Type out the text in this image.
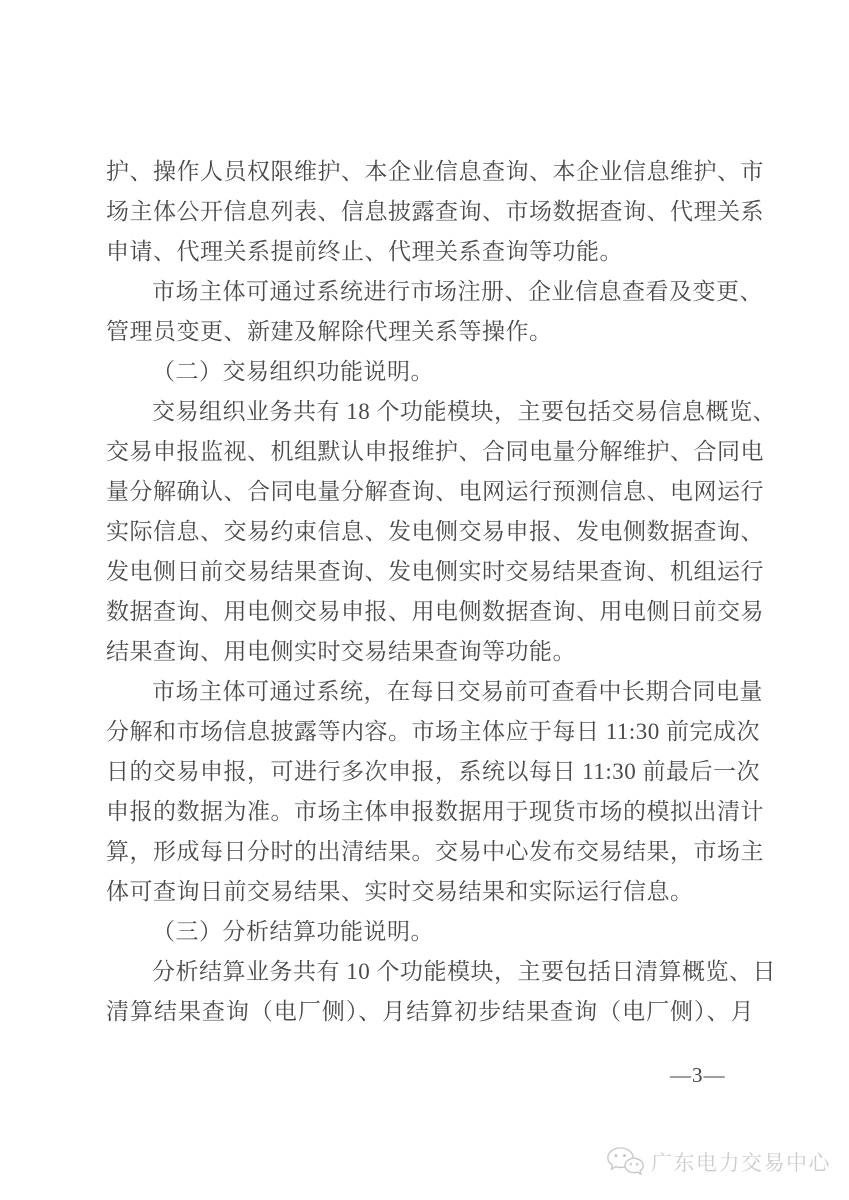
护、操作人员权限维护、本企业信息查询、本企业信息维护、市
场主体公开信息列表、信息披露查询、市场数据查询、代理关系
申请、代理关系提前终止、代理关系查询等功能。
市场主体可通过系统进行市场注册、企业信息查看及变更、
管理员变更、新建及解除代理关系等操作。
（二）交易组织功能说明。
交易组织业务共有 18 个功能模块，主要包括交易信息概览、
交易申报监视、机组默认申报维护、合同电量分解维护、合同电
量分解确认、合同电量分解查询、电网运行预测信息、电网运行
实际信息、交易约束信息、发电侧交易申报、发电侧数据查询、
发电侧日前交易结果查询、发电侧实时交易结果查询、机组运行
数据查询、用电侧交易申报、用电侧数据查询、用电侧日前交易
结果查询、用电侧实时交易结果查询等功能。
市场主体可通过系统，在每日交易前可查看中长期合同电量
分解和市场信息披露等内容。市场主体应于每日 11:30 前完成次
日的交易申报，可进行多次申报，系统以每日 11:30 前最后一次
申报的数据为准。市场主体申报数据用于现货市场的模拟出清计
算，形成每日分时的出清结果。交易中心发布交易结果，市场主
体可查询日前交易结果、实时交易结果和实际运行信息。
（三）分析结算功能说明。
分析结算业务共有 10 个功能模块，主要包括日清算概览、日
清算结果查询（电厂侧）、月结算初步结果查询（电厂侧）、月
—3—
广东电力交易中心
